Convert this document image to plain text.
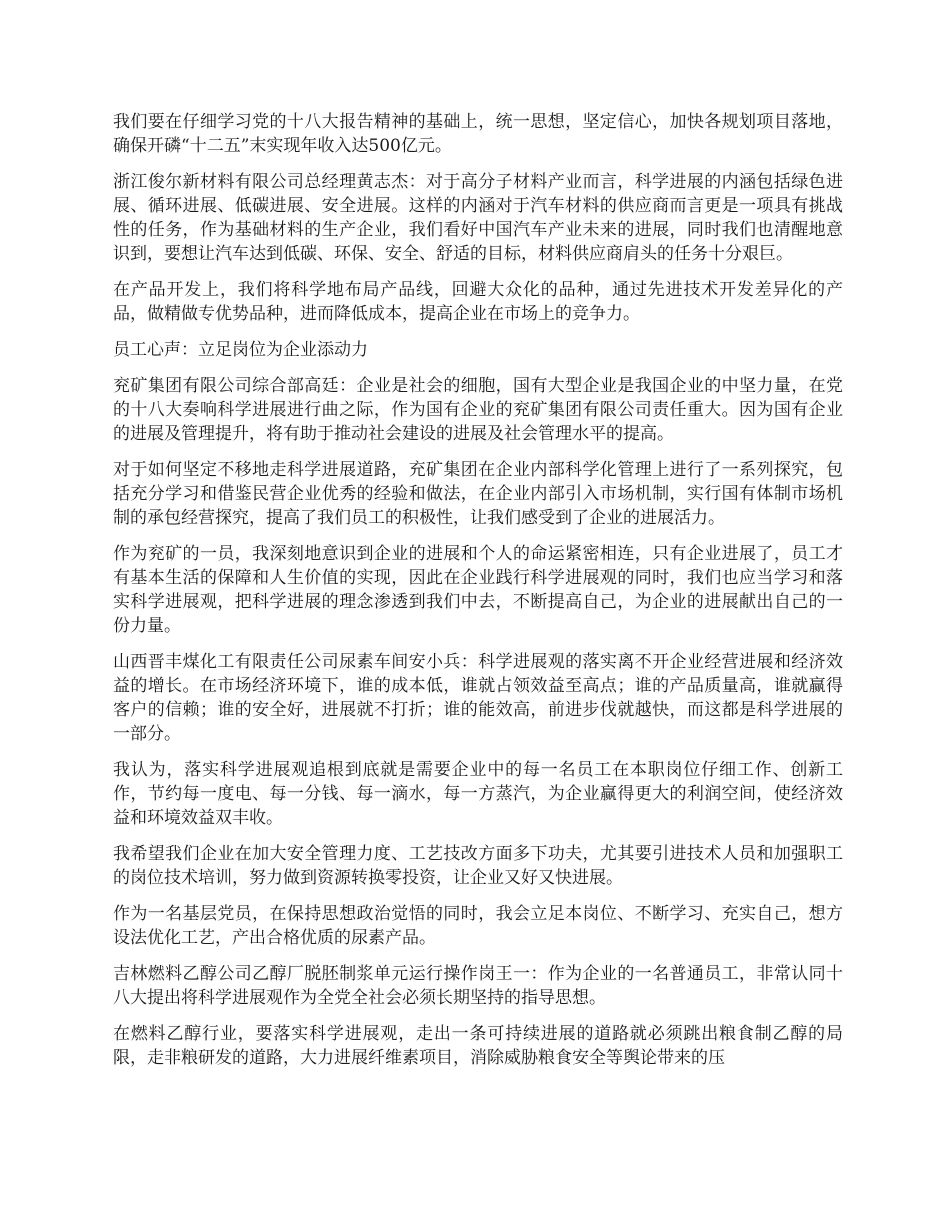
我们要在仔细学习党的十八大报告精神的基础上，统一思想，坚定信心，加快各规划项目落地，确保开磷“十二五”末实现年收入达500亿元。

浙江俊尔新材料有限公司总经理黄志杰：对于高分子材料产业而言，科学进展的内涵包括绿色进展、循环进展、低碳进展、安全进展。这样的内涵对于汽车材料的供应商而言更是一项具有挑战性的任务，作为基础材料的生产企业，我们看好中国汽车产业未来的进展，同时我们也清醒地意识到，要想让汽车达到低碳、环保、安全、舒适的目标，材料供应商肩头的任务十分艰巨。

在产品开发上，我们将科学地布局产品线，回避大众化的品种，通过先进技术开发差异化的产品，做精做专优势品种，进而降低成本，提高企业在市场上的竞争力。

员工心声：立足岗位为企业添动力

兖矿集团有限公司综合部高廷：企业是社会的细胞，国有大型企业是我国企业的中坚力量，在党的十八大奏响科学进展进行曲之际，作为国有企业的兖矿集团有限公司责任重大。因为国有企业的进展及管理提升，将有助于推动社会建设的进展及社会管理水平的提高。

对于如何坚定不移地走科学进展道路，充矿集团在企业内部科学化管理上进行了一系列探究，包括充分学习和借鉴民营企业优秀的经验和做法，在企业内部引入市场机制，实行国有体制市场机制的承包经营探究，提高了我们员工的积极性，让我们感受到了企业的进展活力。

作为兖矿的一员，我深刻地意识到企业的进展和个人的命运紧密相连，只有企业进展了，员工才有基本生活的保障和人生价值的实现，因此在企业践行科学进展观的同时，我们也应当学习和落实科学进展观，把科学进展的理念渗透到我们中去，不断提高自己，为企业的进展献出自己的一份力量。

山西晋丰煤化工有限责任公司尿素车间安小兵：科学进展观的落实离不开企业经营进展和经济效益的增长。在市场经济环境下，谁的成本低，谁就占领效益至高点；谁的产品质量高，谁就赢得客户的信赖；谁的安全好，进展就不打折；谁的能效高，前进步伐就越快，而这都是科学进展的一部分。

我认为，落实科学进展观追根到底就是需要企业中的每一名员工在本职岗位仔细工作、创新工作，节约每一度电、每一分钱、每一滴水，每一方蒸汽，为企业赢得更大的利润空间，使经济效益和环境效益双丰收。

我希望我们企业在加大安全管理力度、工艺技改方面多下功夫，尤其要引进技术人员和加强职工的岗位技术培训，努力做到资源转换零投资，让企业又好又快进展。

作为一名基层党员，在保持思想政治觉悟的同时，我会立足本岗位、不断学习、充实自己，想方设法优化工艺，产出合格优质的尿素产品。

吉林燃料乙醇公司乙醇厂脱胚制浆单元运行操作岗王一：作为企业的一名普通员工，非常认同十八大提出将科学进展观作为全党全社会必须长期坚持的指导思想。

在燃料乙醇行业，要落实科学进展观，走出一条可持续进展的道路就必须跳出粮食制乙醇的局限，走非粮研发的道路，大力进展纤维素项目，消除威胁粮食安全等舆论带来的压
